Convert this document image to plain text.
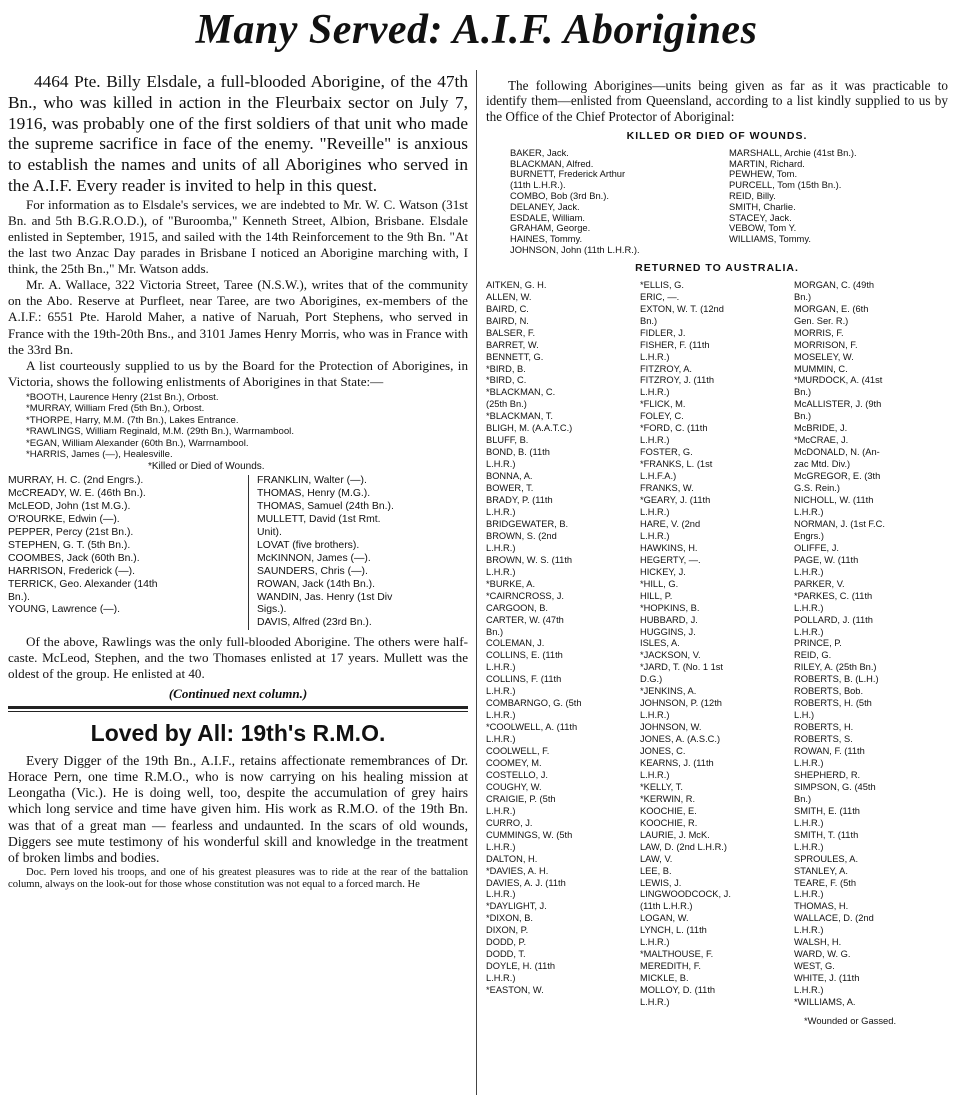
Many Served: A.I.F. Aborigines

4464 Pte. Billy Elsdale, a full-blooded Aborigine, of the 47th Bn., who was killed in action in the Fleurbaix sector on July 7, 1916, was probably one of the first soldiers of that unit who made the supreme sacrifice in face of the enemy. "Reveille" is anxious to establish the names and units of all Aborigines who served in the A.I.F. Every reader is invited to help in this quest.

For information as to Elsdale's services, we are indebted to Mr. W. C. Watson (31st Bn. and 5th B.G.R.O.D.), of "Buroomba," Kenneth Street, Albion, Brisbane. Elsdale enlisted in September, 1915, and sailed with the 14th Reinforcement to the 9th Bn. "At the last two Anzac Day parades in Brisbane I noticed an Aborigine marching with, I think, the 25th Bn.," Mr. Watson adds.

Mr. A. Wallace, 322 Victoria Street, Taree (N.S.W.), writes that of the community on the Abo. Reserve at Purfleet, near Taree, are two Aborigines, ex-members of the A.I.F.: 6551 Pte. Harold Maher, a native of Naruah, Port Stephens, who served in France with the 19th-20th Bns., and 3101 James Henry Morris, who was in France with the 33rd Bn.

A list courteously supplied to us by the Board for the Protection of Aborigines, in Victoria, shows the following enlistments of Aborigines in that State:—

*BOOTH, Laurence Henry (21st Bn.), Orbost.
*MURRAY, William Fred (5th Bn.), Orbost.
*THORPE, Harry, M.M. (7th Bn.), Lakes Entrance.
*RAWLINGS, William Reginald, M.M. (29th Bn.), Warrnambool.
*EGAN, William Alexander (60th Bn.), Warrnambool.
*HARRIS, James (—), Healesville.
*Killed or Died of Wounds.
MURRAY, H. C. (2nd Engrs.).
McCREADY, W. E. (46th Bn.).
McLEOD, John (1st M.G.).
O'ROURKE, Edwin (—).
PEPPER, Percy (21st Bn.).
STEPHEN, G. T. (5th Bn.).
COOMBES, Jack (60th Bn.).
HARRISON, Frederick (—).
TERRICK, Geo. Alexander (14th
Bn.).
YOUNG, Lawrence (—).
FRANKLIN, Walter (—).
THOMAS, Henry (M.G.).
THOMAS, Samuel (24th Bn.).
MULLETT, David (1st Rmt.
Unit).
LOVAT (five brothers).
McKINNON, James (—).
SAUNDERS, Chris (—).
ROWAN, Jack (14th Bn.).
WANDIN, Jas. Henry (1st Div
Sigs.).
DAVIS, Alfred (23rd Bn.).

Of the above, Rawlings was the only full-blooded Aborigine. The others were half-caste. McLeod, Stephen, and the two Thomases enlisted at 17 years. Mullett was the oldest of the group. He enlisted at 40.

(Continued next column.)
Loved by All: 19th's R.M.O.

Every Digger of the 19th Bn., A.I.F., retains affectionate remembrances of Dr. Horace Pern, one time R.M.O., who is now carrying on his healing mission at Leongatha (Vic.). He is doing well, too, despite the accumulation of grey hairs which long service and time have given him. His work as R.M.O. of the 19th Bn. was that of a great man — fearless and undaunted. In the scars of old wounds, Diggers see mute testimony of his wonderful skill and knowledge in the treatment of broken limbs and bodies.

Doc. Pern loved his troops, and one of his greatest pleasures was to ride at the rear of the battalion column, always on the look-out for those whose constitution was not equal to a forced march. He

The following Aborigines—units being given as far as it was practicable to identify them—enlisted from Queensland, according to a list kindly supplied to us by the Office of the Chief Protector of Aboriginal:

KILLED OR DIED OF WOUNDS.
BAKER, Jack.
BLACKMAN, Alfred.
BURNETT, Frederick Arthur
(11th L.H.R.).
COMBO, Bob (3rd Bn.).
DELANEY, Jack.
ESDALE, William.
GRAHAM, George.
HAINES, Tommy.
JOHNSON, John (11th L.H.R.).
MARSHALL, Archie (41st Bn.).
MARTIN, Richard.
PEWHEW, Tom.
PURCELL, Tom (15th Bn.).
REID, Billy.
SMITH, Charlie.
STACEY, Jack.
VEBOW, Tom Y.
WILLIAMS, Tommy.
RETURNED TO AUSTRALIA.
AITKEN, G. H.
ALLEN, W.
BAIRD, C.
BAIRD, N.
BALSER, F.
BARRET, W.
BENNETT, G.
*BIRD, B.
*BIRD, C.
*BLACKMAN, C.
(25th Bn.)
*BLACKMAN, T.
BLIGH, M. (A.A.T.C.)
BLUFF, B.
BOND, B. (11th
L.H.R.)
BONNA, A.
BOWER, T.
BRADY, P. (11th
L.H.R.)
BRIDGEWATER, B.
BROWN, S. (2nd
L.H.R.)
BROWN, W. S. (11th
L.H.R.)
*BURKE, A.
*CAIRNCROSS, J.
CARGOON, B.
CARTER, W. (47th
Bn.)
COLEMAN, J.
COLLINS, E. (11th
L.H.R.)
COLLINS, F. (11th
L.H.R.)
COMBARNGO, G. (5th
L.H.R.)
*COOLWELL, A. (11th
L.H.R.)
COOLWELL, F.
COOMEY, M.
COSTELLO, J.
COUGHY, W.
CRAIGIE, P. (5th
L.H.R.)
CURRO, J.
CUMMINGS, W. (5th
L.H.R.)
DALTON, H.
*DAVIES, A. H.
DAVIES, A. J. (11th
L.H.R.)
*DAYLIGHT, J.
*DIXON, B.
DIXON, P.
DODD, P.
DODD, T.
DOYLE, H. (11th
L.H.R.)
*EASTON, W.
*ELLIS, G.
ERIC, —.
EXTON, W. T. (12nd
Bn.)
FIDLER, J.
FISHER, F. (11th
L.H.R.)
FITZROY, A.
FITZROY, J. (11th
L.H.R.)
*FLICK, M.
FOLEY, C.
*FORD, C. (11th
L.H.R.)
FOSTER, G.
*FRANKS, L. (1st
L.H.F.A.)
FRANKS, W.
*GEARY, J. (11th
L.H.R.)
HARE, V. (2nd
L.H.R.)
HAWKINS, H.
HEGERTY, —.
HICKEY, J.
*HILL, G.
HILL, P.
*HOPKINS, B.
HUBBARD, J.
HUGGINS, J.
ISLES, A.
*JACKSON, V.
*JARD, T. (No. 1 1st
D.G.)
*JENKINS, A.
JOHNSON, P. (12th
L.H.R.)
JOHNSON, W.
JONES, A. (A.S.C.)
JONES, C.
KEARNS, J. (11th
L.H.R.)
*KELLY, T.
*KERWIN, R.
KOOCHIE, E.
KOOCHIE, R.
LAURIE, J. McK.
LAW, D. (2nd L.H.R.)
LAW, V.
LEE, B.
LEWIS, J.
LINGWOODCOCK, J.
(11th L.H.R.)
LOGAN, W.
LYNCH, L. (11th
L.H.R.)
*MALTHOUSE, F.
MEREDITH, F.
MICKLE, B.
MOLLOY, D. (11th
L.H.R.)
MORGAN, C. (49th
Bn.)
MORGAN, E. (6th
Gen. Ser. R.)
MORRIS, F.
MORRISON, F.
MOSELEY, W.
MUMMIN, C.
*MURDOCK, A. (41st
Bn.)
McALLISTER, J. (9th
Bn.)
McBRIDE, J.
*McCRAE, J.
McDONALD, N. (An-
zac Mtd. Div.)
McGREGOR, E. (3th
G.S. Rein.)
NICHOLL, W. (11th
L.H.R.)
NORMAN, J. (1st F.C.
Engrs.)
OLIFFE, J.
PAGE, W. (11th
L.H.R.)
PARKER, V.
*PARKES, C. (11th
L.H.R.)
POLLARD, J. (11th
L.H.R.)
PRINCE, P.
REID, G.
RILEY, A. (25th Bn.)
ROBERTS, B. (L.H.)
ROBERTS, Bob.
ROBERTS, H. (5th
L.H.)
ROBERTS, H.
ROBERTS, S.
ROWAN, F. (11th
L.H.R.)
SHEPHERD, R.
SIMPSON, G. (45th
Bn.)
SMITH, E. (11th
L.H.R.)
SMITH, T. (11th
L.H.R.)
SPROULES, A.
STANLEY, A.
TEARE, F. (5th
L.H.R.)
THOMAS, H.
WALLACE, D. (2nd
L.H.R.)
WALSH, H.
WARD, W. G.
WEST, G.
WHITE, J. (11th
L.H.R.)
*WILLIAMS, A.
*Wounded or Gassed.
